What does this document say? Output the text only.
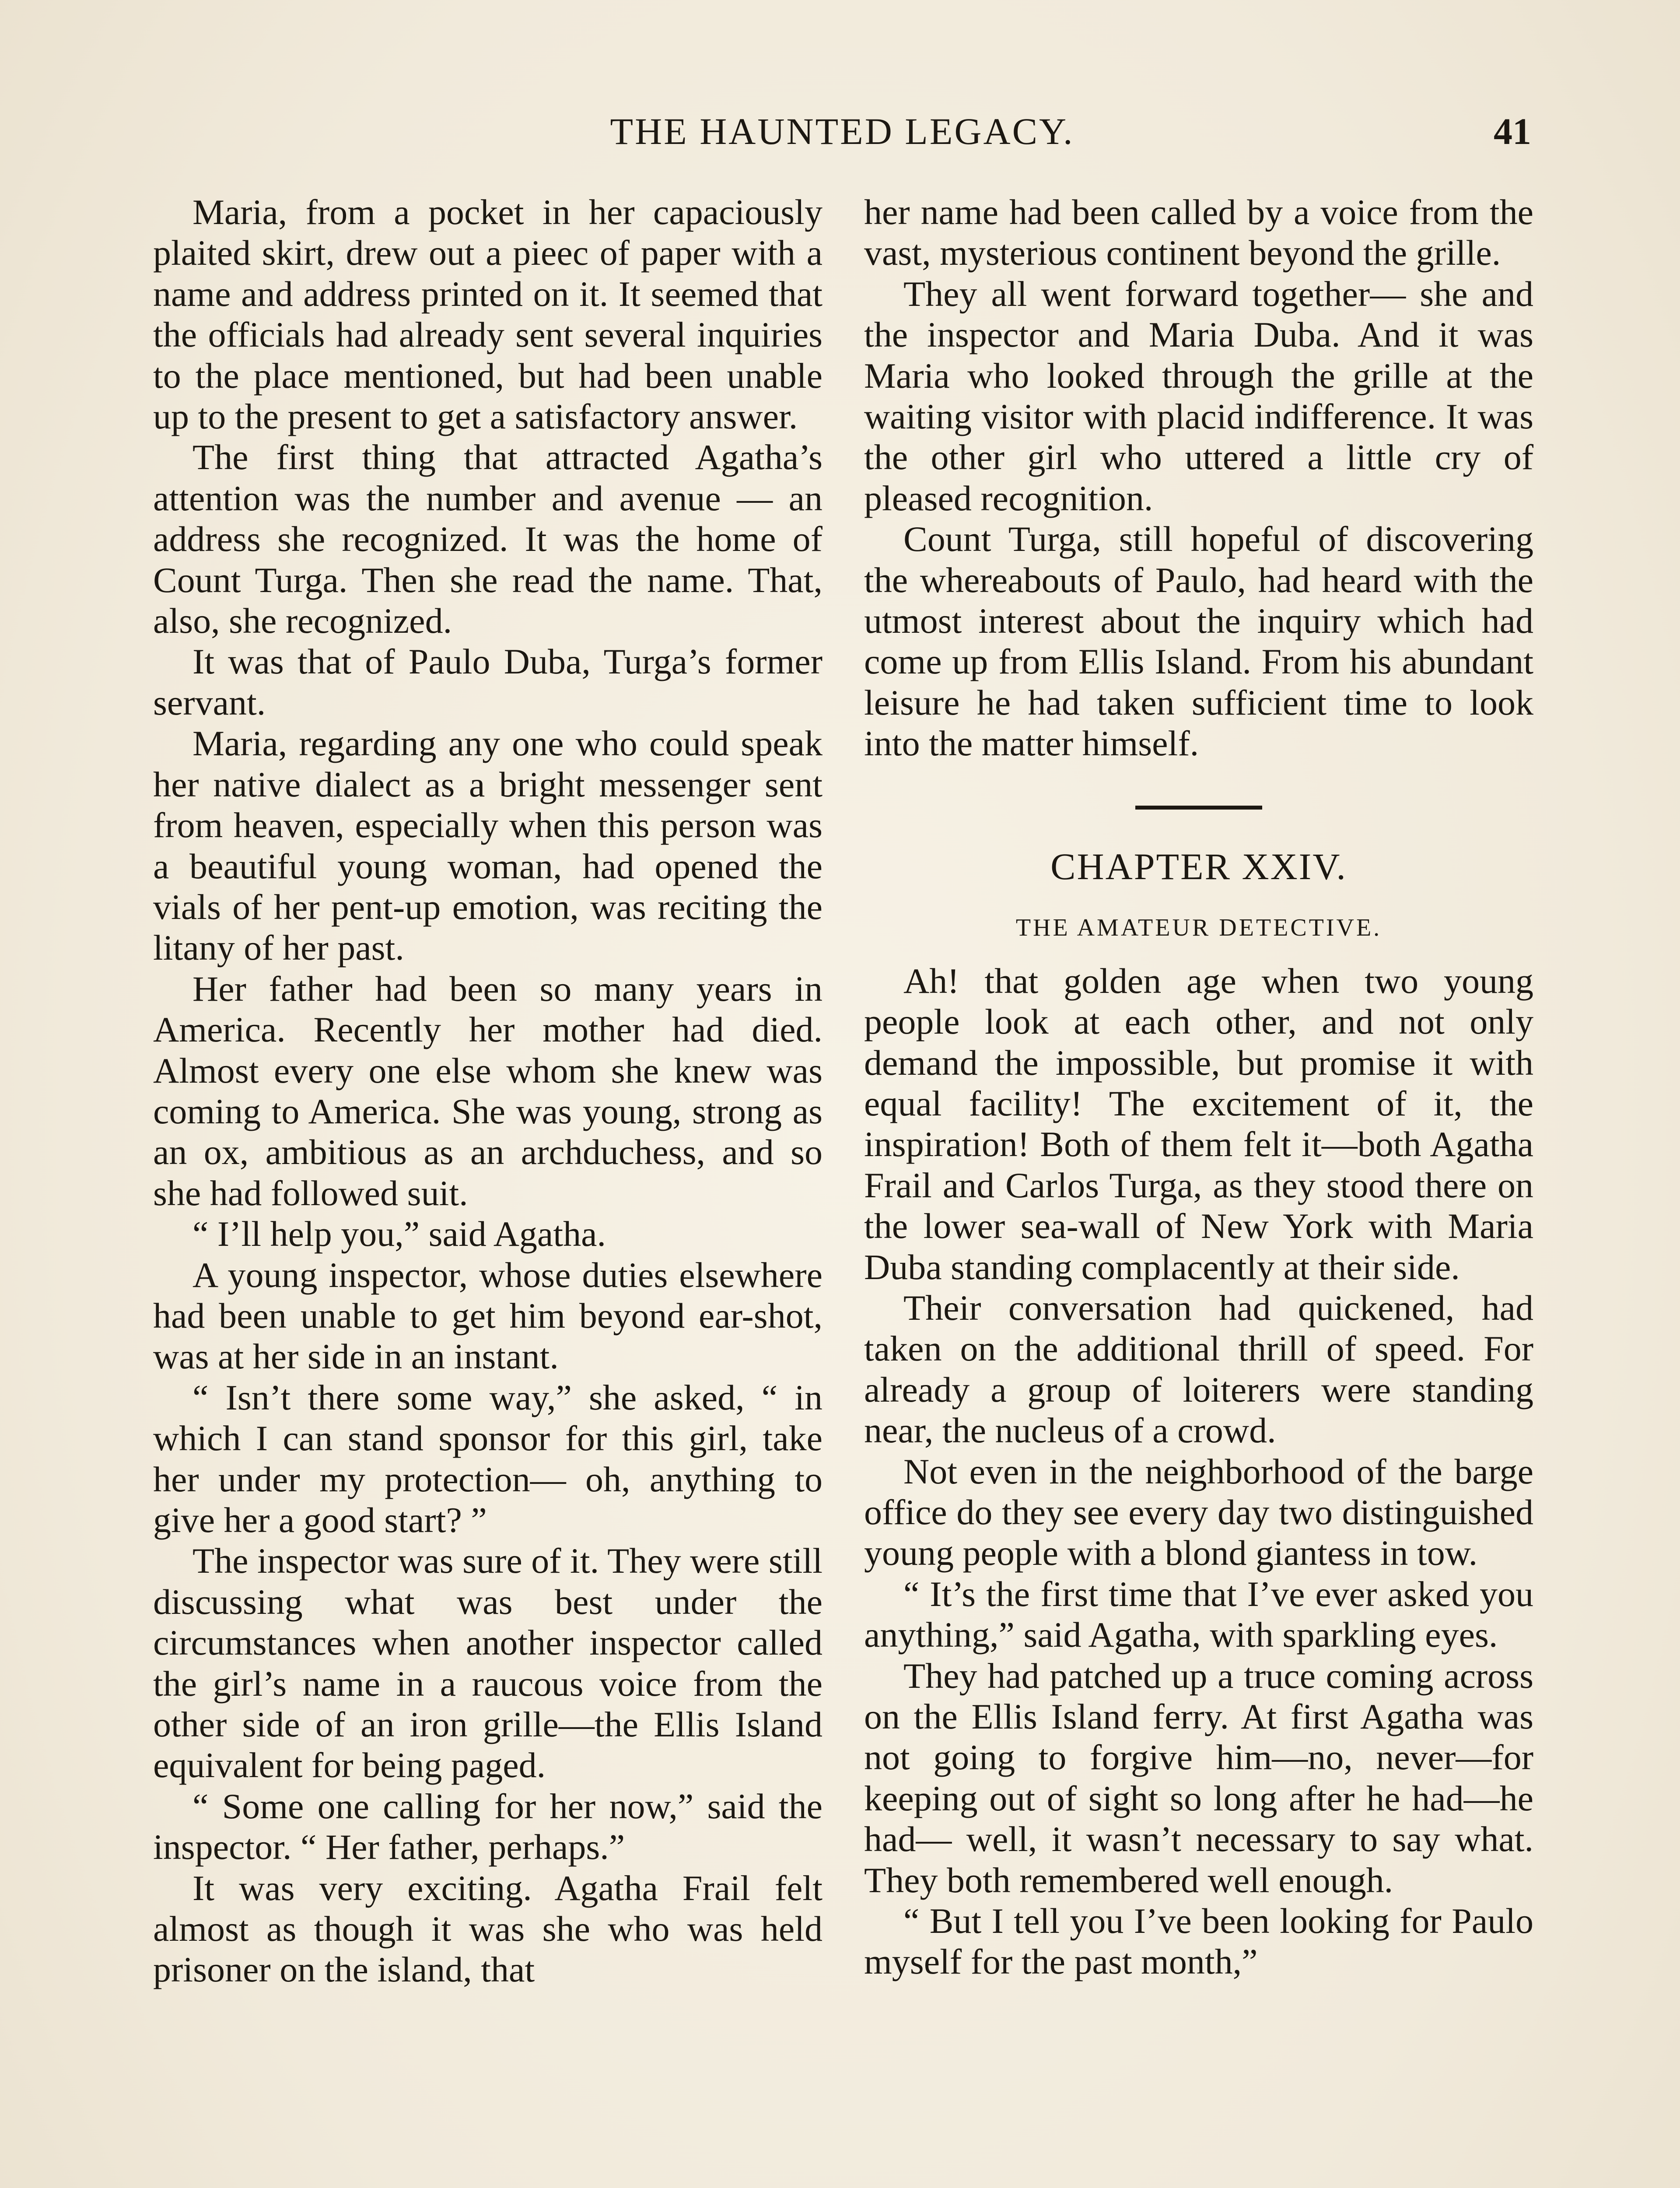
THE HAUNTED LEGACY.	41

Maria, from a pocket in her capaciously plaited skirt, drew out a pieec of paper with a name and address printed on it. It seemed that the officials had already sent several inquiries to the place mentioned, but had been unable up to the present to get a satisfactory answer.

The first thing that attracted Agatha’s attention was the number and avenue — an address she recognized. It was the home of Count Turga. Then she read the name. That, also, she recognized.

It was that of Paulo Duba, Turga’s former servant.

Maria, regarding any one who could speak her native dialect as a bright messenger sent from heaven, especially when this person was a beautiful young woman, had opened the vials of her pent-up emotion, was reciting the litany of her past.

Her father had been so many years in America. Recently her mother had died. Almost every one else whom she knew was coming to America. She was young, strong as an ox, ambitious as an archduchess, and so she had followed suit.

“ I’ll help you,” said Agatha.

A young inspector, whose duties elsewhere had been unable to get him beyond ear-shot, was at her side in an instant.

“ Isn’t there some way,” she asked, “ in which I can stand sponsor for this girl, take her under my protection— oh, anything to give her a good start? ”

The inspector was sure of it. They were still discussing what was best under the circumstances when another inspector called the girl’s name in a raucous voice from the other side of an iron grille—the Ellis Island equivalent for being paged.

“ Some one calling for her now,” said the inspector. “ Her father, perhaps.”

It was very exciting. Agatha Frail felt almost as though it was she who was held prisoner on the island, that

her name had been called by a voice from the vast, mysterious continent beyond the grille.

They all went forward together— she and the inspector and Maria Duba. And it was Maria who looked through the grille at the waiting visitor with placid indifference. It was the other girl who uttered a little cry of pleased recognition.

Count Turga, still hopeful of discovering the whereabouts of Paulo, had heard with the utmost interest about the inquiry which had come up from Ellis Island. From his abundant leisure he had taken sufficient time to look into the matter himself.

CHAPTER XXIV.
THE AMATEUR DETECTIVE.

Ah! that golden age when two young people look at each other, and not only demand the impossible, but promise it with equal facility! The excitement of it, the inspiration! Both of them felt it—both Agatha Frail and Carlos Turga, as they stood there on the lower sea-wall of New York with Maria Duba standing complacently at their side.

Their conversation had quickened, had taken on the additional thrill of speed. For already a group of loiterers were standing near, the nucleus of a crowd.

Not even in the neighborhood of the barge office do they see every day two distinguished young people with a blond giantess in tow.

“ It’s the first time that I’ve ever asked you anything,” said Agatha, with sparkling eyes.

They had patched up a truce coming across on the Ellis Island ferry. At first Agatha was not going to forgive him—no, never—for keeping out of sight so long after he had—he had— well, it wasn’t necessary to say what. They both remembered well enough.

“ But I tell you I’ve been looking for Paulo myself for the past month,”
